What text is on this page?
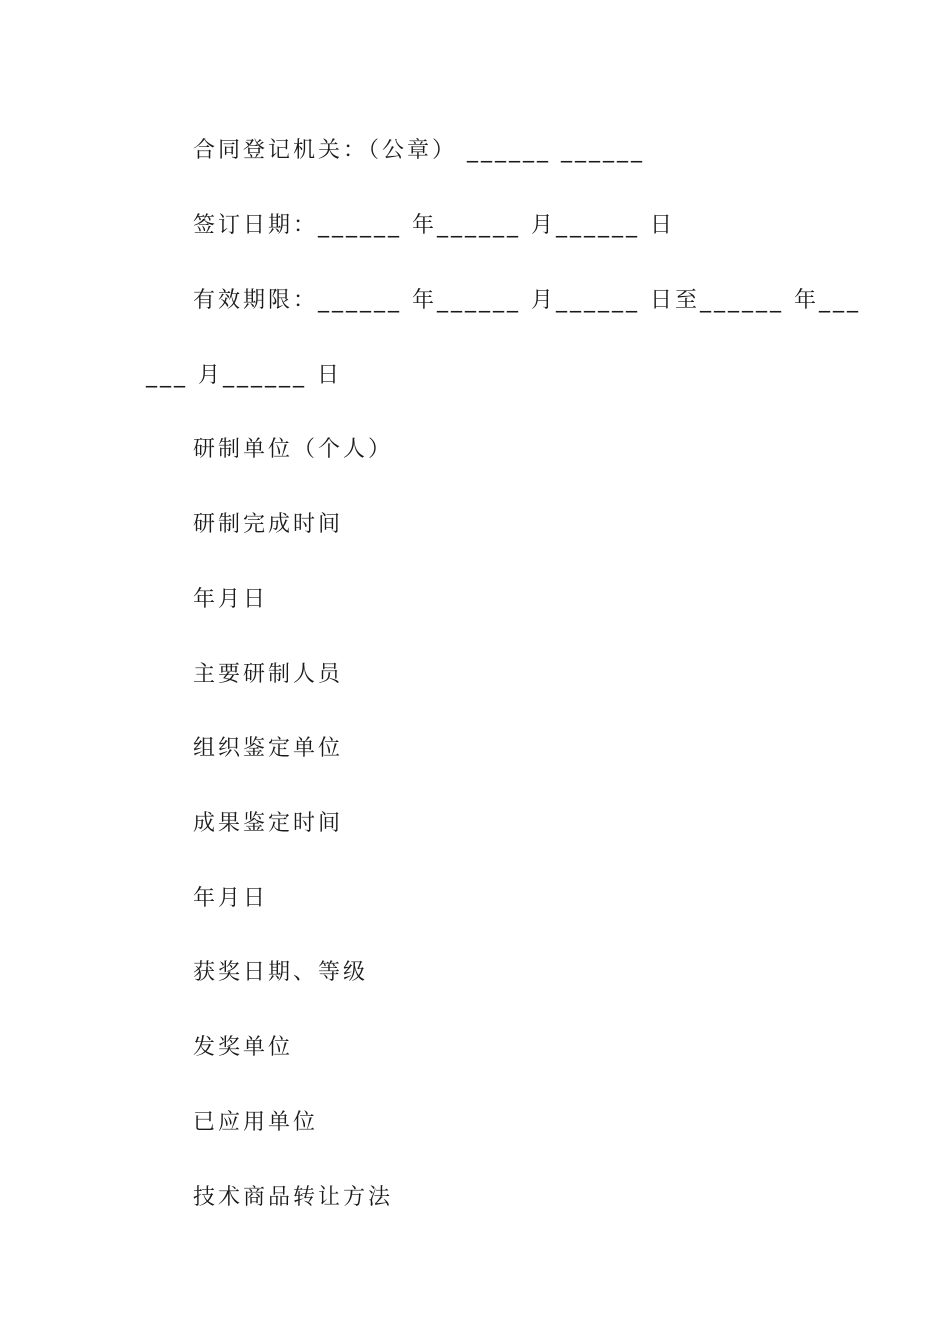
合同登记机关：（公章） ______ ______
签订日期：______ 年______ 月______ 日
有效期限：______ 年______ 月______ 日至______ 年___
___ 月______ 日
研制单位（个人）
研制完成时间
年月日
主要研制人员
组织鉴定单位
成果鉴定时间
年月日
获奖日期、等级
发奖单位
已应用单位
技术商品转让方法
